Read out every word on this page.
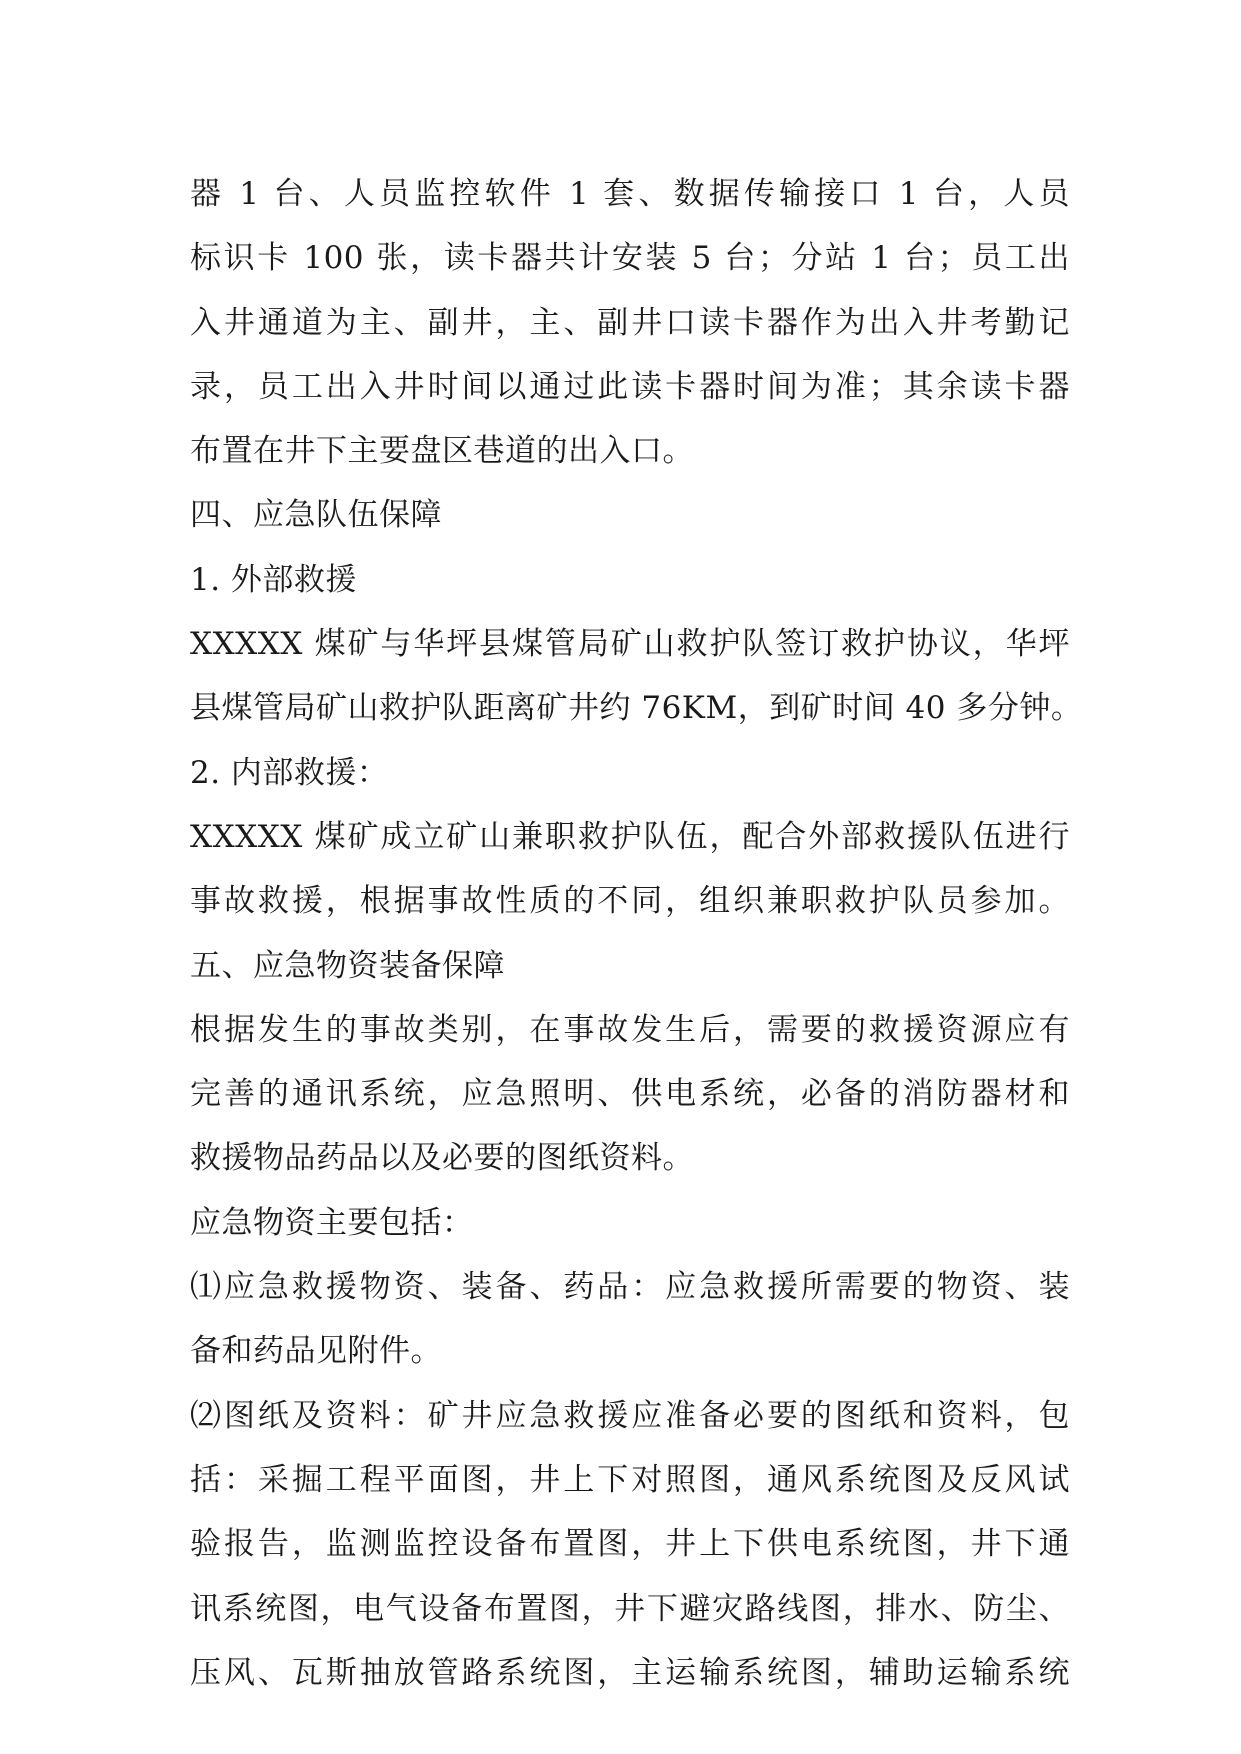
器 1 台、人员监控软件 1 套、数据传输接口 1 台，人员
标识卡 100 张，读卡器共计安装 5 台；分站 1 台；员工出
入井通道为主、副井，主、副井口读卡器作为出入井考勤记
录，员工出入井时间以通过此读卡器时间为准；其余读卡器
布置在井下主要盘区巷道的出入口。
四、应急队伍保障
1. 外部救援
XXXXX 煤矿与华坪县煤管局矿山救护队签订救护协议，华坪
县煤管局矿山救护队距离矿井约 76KM，到矿时间 40 多分钟。
2. 内部救援：
XXXXX 煤矿成立矿山兼职救护队伍，配合外部救援队伍进行
事故救援，根据事故性质的不同，组织兼职救护队员参加。
五、应急物资装备保障
根据发生的事故类别，在事故发生后，需要的救援资源应有
完善的通讯系统，应急照明、供电系统，必备的消防器材和
救援物品药品以及必要的图纸资料。
应急物资主要包括：
⑴应急救援物资、装备、药品：应急救援所需要的物资、装
备和药品见附件。
⑵图纸及资料：矿井应急救援应准备必要的图纸和资料，包
括：采掘工程平面图，井上下对照图，通风系统图及反风试
验报告，监测监控设备布置图，井上下供电系统图，井下通
讯系统图，电气设备布置图，井下避灾路线图，排水、防尘、
压风、瓦斯抽放管路系统图，主运输系统图，辅助运输系统
